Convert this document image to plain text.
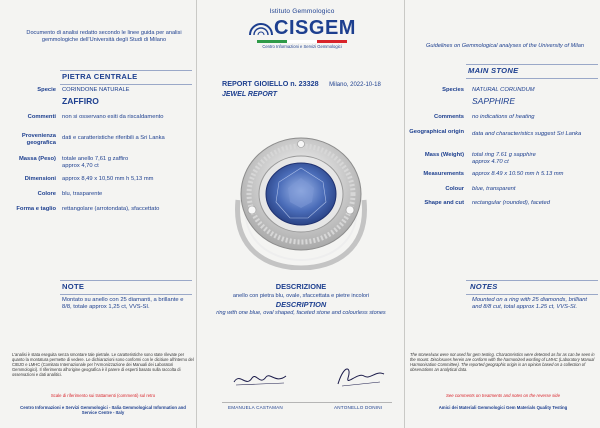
Documento di analisi redatto secondo le linee guida per analisi gemmologiche dell'Università degli Studi di Milano
Guidelines on Gemmological analyses of the University of Milan
Istituto Gemmologico
CISGEM
Centro Informazioni e Servizi Gemmologici
REPORT GIOIELLO n. 23328 Milano, 2022-10-18
JEWEL REPORT
PIETRA CENTRALE
Specie CORINDONE NATURALE
ZAFFIRO
Commenti non si osservano esiti da riscaldamento
Provenienza geografica
dati e caratteristiche riferibili a Sri Lanka
Massa (Peso) totale anello 7,61 g zaffiro approx 4,70 ct
Dimensioni approx 8,49 x 10,50 mm h 5,13 mm
Colore blu, trasparente
Forma e taglio rettangolare (arrotondata), sfaccettato
NOTE
Montato su anello con 25 diamanti, a brillante e 8/8, totale approx 1,25 ct, VVS-SI.
MAIN STONE
Species NATURAL CORUNDUM
SAPPHIRE
Comments no indications of heating
Geographical origin data and characteristics suggest Sri Lanka
Mass (Weight) total ring 7.61 g sapphire approx 4.70 ct
Measurements approx 8.49 x 10.50 mm h 5.13 mm
Colour blue, transparent
Shape and cut rectangular (rounded), faceted
NOTES
Mounted on a ring with 25 diamonds, brilliant and 8/8 cut, total approx 1.25 ct, VVS-SI.
DESCRIZIONE
anello con pietra blu, ovale, sfaccettata e pietre incolori
DESCRIPTION
ring with one blue, oval shaped, faceted stone and colourless stones
L'analisi è stata eseguita senza smontare tale pietrale. Le caratteristiche sono state rilevate per quanto la montatura permette di vedere. Le dichiarazioni sono conformi con le dicitiure all'interno del CIBJO e LMHC (Comitato Internazionale per l'Armonizzazione dei Manuali dei Laboratori Gemmologici). Il riferimento all'origine geografica è il parere di esperti basato sulla raccolta di osservazioni e dati analitici.
Scale di riferimento sui trattamenti (commenti) sul retro
Centro Informazioni e Servizi Gemmologici - Italia Gemmological Information and Service Centre - Italy
The stones/wax were not used for gem testing. Characteristics were detected as far as can be seen in the mount. Disclosures herein are conform with the harmonized wording of LMHC (Laboratory Manual Harmonisation Committee). The reported geographic origin is an opinion based on a collection of observations an analytical data.
See comments on treatments and notes on the reverse side
Amici dei Materiali Gemmologici Gem Materials Quality Testing
EMANUELA CASTAMAN	ANTONELLO DONINI
